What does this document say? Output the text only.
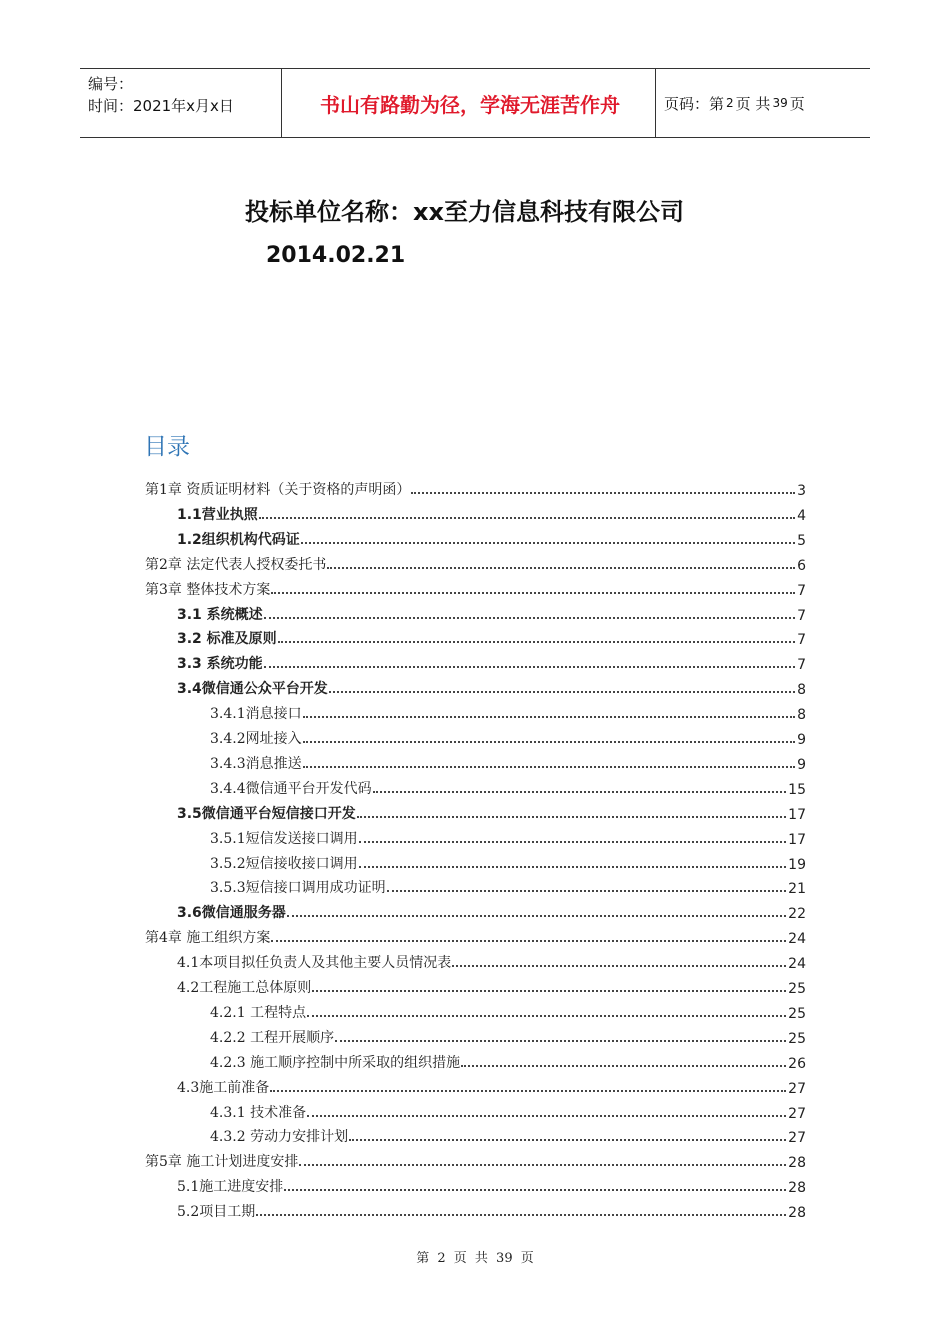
编号：
时间：2021年x月x日	书山有路勤为径，学海无涯苦作舟	页码：第 2 页 共 39 页
投标单位名称：xx至力信息科技有限公司
2014.02.21
目录
第1章 资质证明材料（关于资格的声明函）	3
1.1营业执照	4
1.2组织机构代码证	5
第2章 法定代表人授权委托书	6
第3章 整体技术方案	7
3.1 系统概述	7
3.2 标准及原则	7
3.3 系统功能	7
3.4微信通公众平台开发	8
3.4.1消息接口	8
3.4.2网址接入	9
3.4.3消息推送	9
3.4.4微信通平台开发代码	15
3.5微信通平台短信接口开发	17
3.5.1短信发送接口调用	17
3.5.2短信接收接口调用	19
3.5.3短信接口调用成功证明	21
3.6微信通服务器	22
第4章 施工组织方案	24
4.1本项目拟任负责人及其他主要人员情况表	24
4.2工程施工总体原则	25
4.2.1 工程特点	25
4.2.2 工程开展顺序	25
4.2.3 施工顺序控制中所采取的组织措施	26
4.3施工前准备	27
4.3.1 技术准备	27
4.3.2 劳动力安排计划	27
第5章 施工计划进度安排	28
5.1施工进度安排	28
5.2项目工期	28
第 2 页 共 39 页
